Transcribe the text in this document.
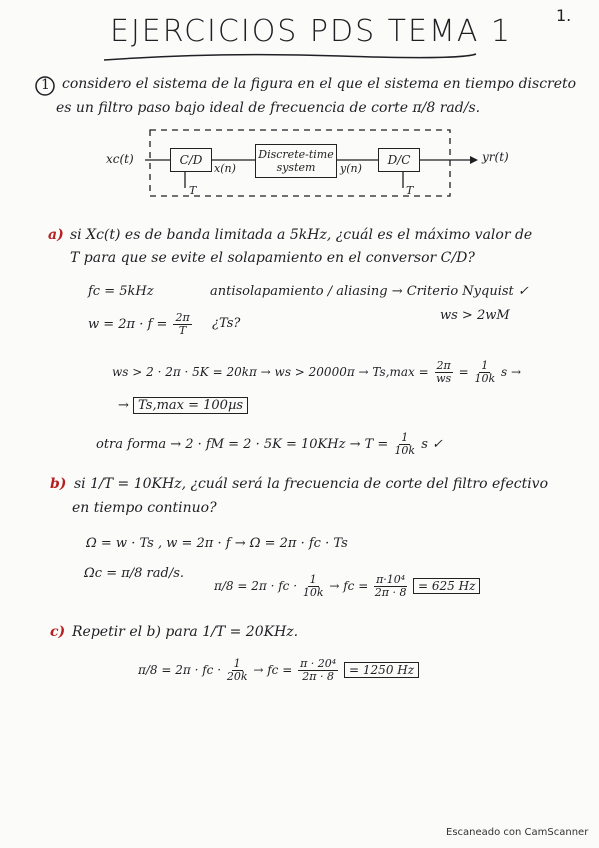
EJERCICIOS PDS TEMA 1	1.
1 considero el sistema de la figura en el que el sistema en tiempo discreto
es un filtro paso bajo ideal de frecuencia de corte π/8 rad/s.
xc(t)	C/D
x(n)
Discrete-time
system y(n)
D/C	yr(t)
T	T
a) si Xc(t) es de banda limitada a 5kHz, ¿cuál es el máximo valor de
T para que se evite el solapamiento en el conversor C/D?
fc = 5kHz	antisolapamiento / aliasing → Criterio Nyquist ✓
$w = 2\pi \cdot f = \frac{2\pi}{T}$ ¿Ts?
ws > 2wM
ws > 2 · 2π · 5K = 20kπ → ws > $20000\pi \to Ts,\max = \frac{2\pi}{ws} = \frac{1}{10k}$ s →
→ Ts,max = 100µs
otra forma → 2 · fM = $2 \cdot 5K = 10KHz \to T = \frac{1}{10k}$ s ✓
b) si 1/T = 10KHz, ¿cuál será la frecuencia de corte del filtro efectivo
en tiempo continuo?
Ω = w · Ts , w = 2π · f → Ω = 2π · fc · Ts
Ωc = π/8 rad/s.
π/8 = 2π · fc · $\frac{1}{10k}$ → fc = $\frac{\text{π·10⁴}}{2\pi \cdot 8} = 625$ Hz
c) Repetir el b) para 1/T = 20KHz.
π/8 = 2π · fc · $\frac{1}{20k}$ → fc = $\frac{\text{π · 20⁴}}{2\pi \cdot 8} = 1250$ Hz
Escaneado con CamScanner
